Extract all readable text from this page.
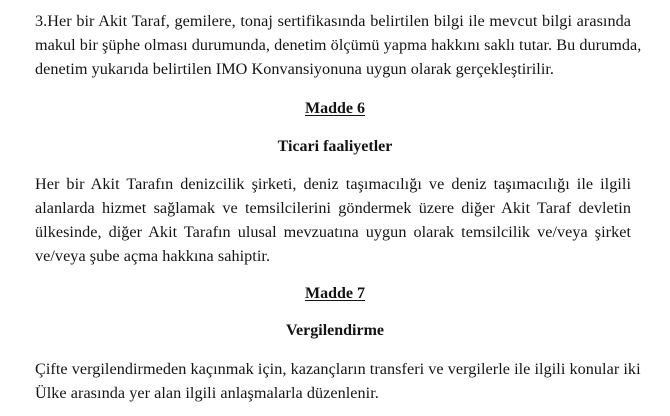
3.Her bir Akit Taraf, gemilere, tonaj sertifikasında belirtilen bilgi ile mevcut bilgi arasında
makul bir şüphe olması durumunda, denetim ölçümü yapma hakkını saklı tutar. Bu durumda,
denetim yukarıda belirtilen IMO Konvansiyonuna uygun olarak gerçekleştirilir.

Madde 6
Ticari faaliyetler

Her bir Akit Tarafın denizcilik şirketi, deniz taşımacılığı ve deniz taşımacılığı ile ilgili
alanlarda hizmet sağlamak ve temsilcilerini göndermek üzere diğer Akit Taraf devletin
ülkesinde, diğer Akit Tarafın ulusal mevzuatına uygun olarak temsilcilik ve/veya şirket
ve/veya şube açma hakkına sahiptir.

Madde 7
Vergilendirme

Çifte vergilendirmeden kaçınmak için, kazançların transferi ve vergilerle ile ilgili konular iki
Ülke arasında yer alan ilgili anlaşmalarla düzenlenir.
